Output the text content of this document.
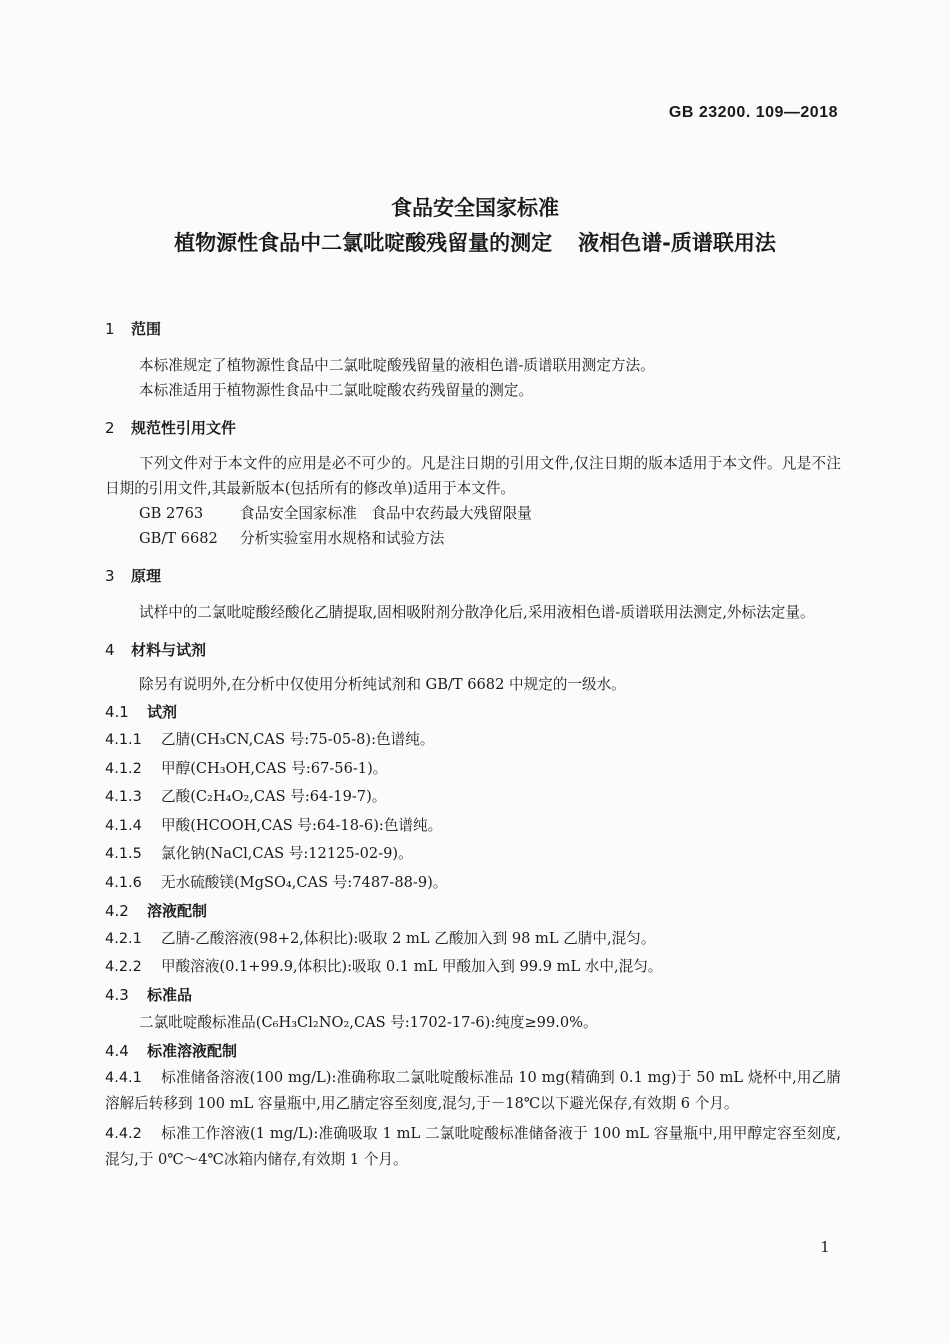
GB 23200. 109—2018
食品安全国家标准
植物源性食品中二氯吡啶酸残留量的测定 液相色谱-质谱联用法
1 范围
本标准规定了植物源性食品中二氯吡啶酸残留量的液相色谱-质谱联用测定方法。
本标准适用于植物源性食品中二氯吡啶酸农药残留量的测定。
2 规范性引用文件
下列文件对于本文件的应用是必不可少的。凡是注日期的引用文件,仅注日期的版本适用于本文件。凡是不注日期的引用文件,其最新版本(包括所有的修改单)适用于本文件。
GB 2763	食品安全国家标准　食品中农药最大残留限量
GB/T 6682 分析实验室用水规格和试验方法
3 原理
试样中的二氯吡啶酸经酸化乙腈提取,固相吸附剂分散净化后,采用液相色谱-质谱联用法测定,外标法定量。
4 材料与试剂
除另有说明外,在分析中仅使用分析纯试剂和 GB/T 6682 中规定的一级水。
4.1 试剂
4.1.1 乙腈(CH₃CN,CAS 号:75-05-8):色谱纯。
4.1.2 甲醇(CH₃OH,CAS 号:67-56-1)。
4.1.3 乙酸(C₂H₄O₂,CAS 号:64-19-7)。
4.1.4 甲酸(HCOOH,CAS 号:64-18-6):色谱纯。
4.1.5 氯化钠(NaCl,CAS 号:12125-02-9)。
4.1.6 无水硫酸镁(MgSO₄,CAS 号:7487-88-9)。
4.2 溶液配制
4.2.1 乙腈-乙酸溶液(98+2,体积比):吸取 2 mL 乙酸加入到 98 mL 乙腈中,混匀。
4.2.2 甲酸溶液(0.1+99.9,体积比):吸取 0.1 mL 甲酸加入到 99.9 mL 水中,混匀。
4.3 标准品
二氯吡啶酸标准品(C₆H₃Cl₂NO₂,CAS 号:1702-17-6):纯度≥99.0%。
4.4 标准溶液配制
4.4.1 标准储备溶液(100 mg/L):准确称取二氯吡啶酸标准品 10 mg(精确到 0.1 mg)于 50 mL 烧杯中,用乙腈溶解后转移到 100 mL 容量瓶中,用乙腈定容至刻度,混匀,于－18℃以下避光保存,有效期 6 个月。
4.4.2 标准工作溶液(1 mg/L):准确吸取 1 mL 二氯吡啶酸标准储备液于 100 mL 容量瓶中,用甲醇定容至刻度,混匀,于 0℃～4℃冰箱内储存,有效期 1 个月。
1
